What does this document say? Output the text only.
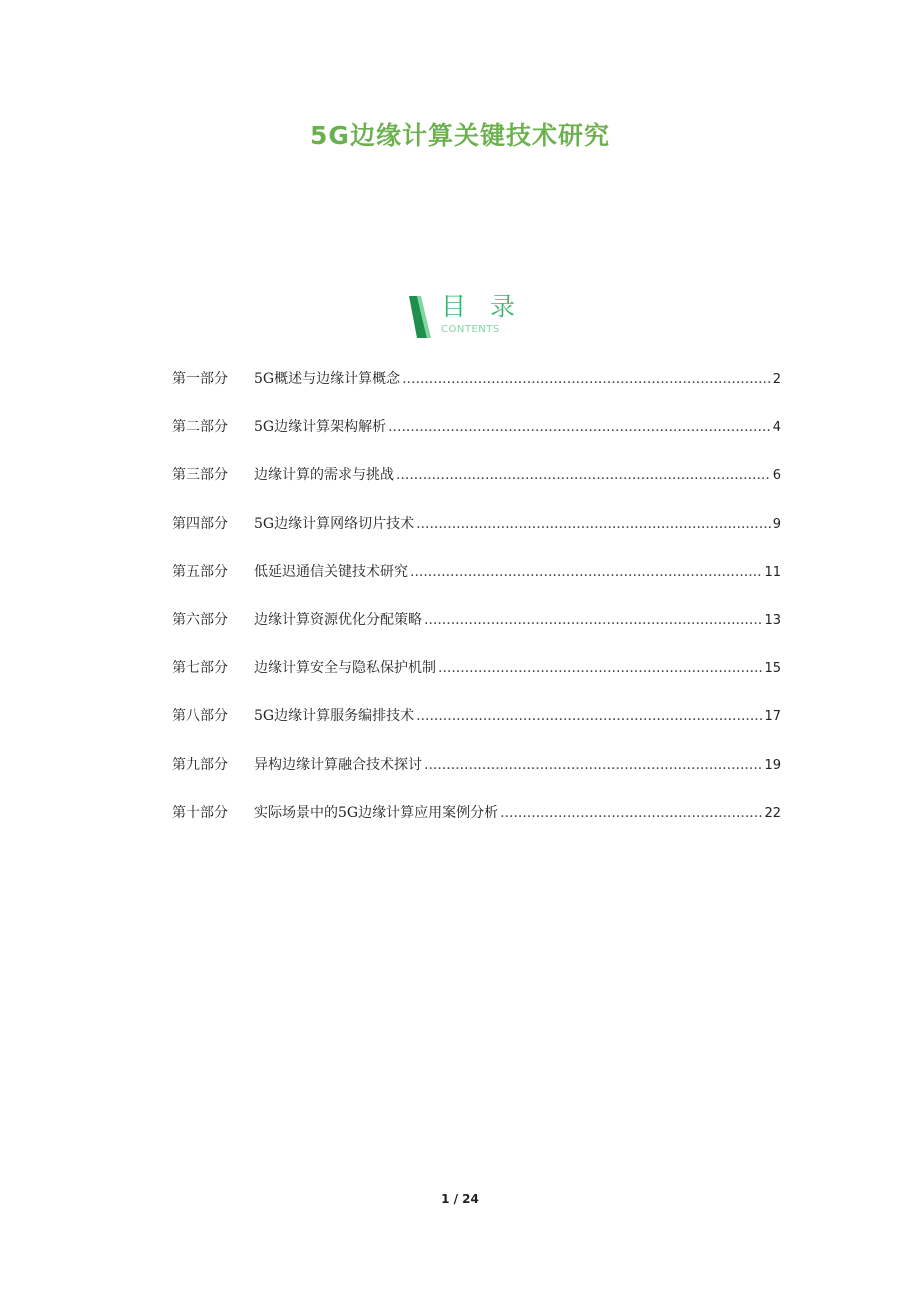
5G边缘计算关键技术研究
目 录
CONTENTS
第一部分	5G概述与边缘计算概念 .....	2
第二部分	5G边缘计算架构解析 .....	4
第三部分	边缘计算的需求与挑战 .....	6
第四部分	5G边缘计算网络切片技术 .....	9
第五部分	低延迟通信关键技术研究 .....	11
第六部分	边缘计算资源优化分配策略 .....	13
第七部分	边缘计算安全与隐私保护机制 .....	15
第八部分	5G边缘计算服务编排技术 .....	17
第九部分	异构边缘计算融合技术探讨 .....	19
第十部分	实际场景中的5G边缘计算应用案例分析 .....	22
1 / 24
